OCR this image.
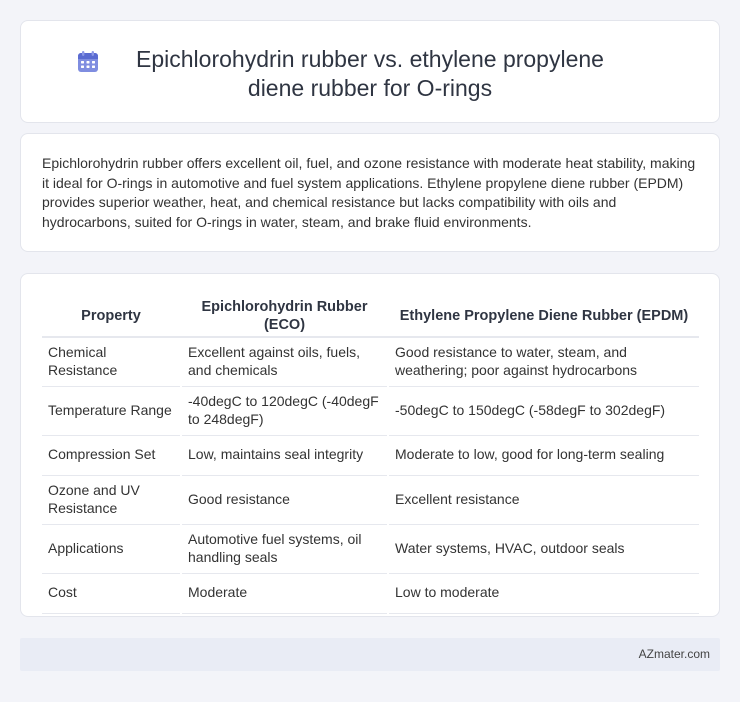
Epichlorohydrin rubber vs. ethylene propylene diene rubber for O-rings

Epichlorohydrin rubber offers excellent oil, fuel, and ozone resistance with moderate heat stability, making it ideal for O-rings in automotive and fuel system applications. Ethylene propylene diene rubber (EPDM) provides superior weather, heat, and chemical resistance but lacks compatibility with oils and hydrocarbons, suited for O-rings in water, steam, and brake fluid environments.

Property	Epichlorohydrin Rubber (ECO)	Ethylene Propylene Diene Rubber (EPDM)
Chemical Resistance	Excellent against oils, fuels, and chemicals	Good resistance to water, steam, and weathering; poor against hydrocarbons
Temperature Range	-40degC to 120degC (-40degF to 248degF)	-50degC to 150degC (-58degF to 302degF)
Compression Set	Low, maintains seal integrity	Moderate to low, good for long-term sealing
Ozone and UV Resistance	Good resistance	Excellent resistance
Applications	Automotive fuel systems, oil handling seals	Water systems, HVAC, outdoor seals
Cost	Moderate	Low to moderate
AZmater.com
